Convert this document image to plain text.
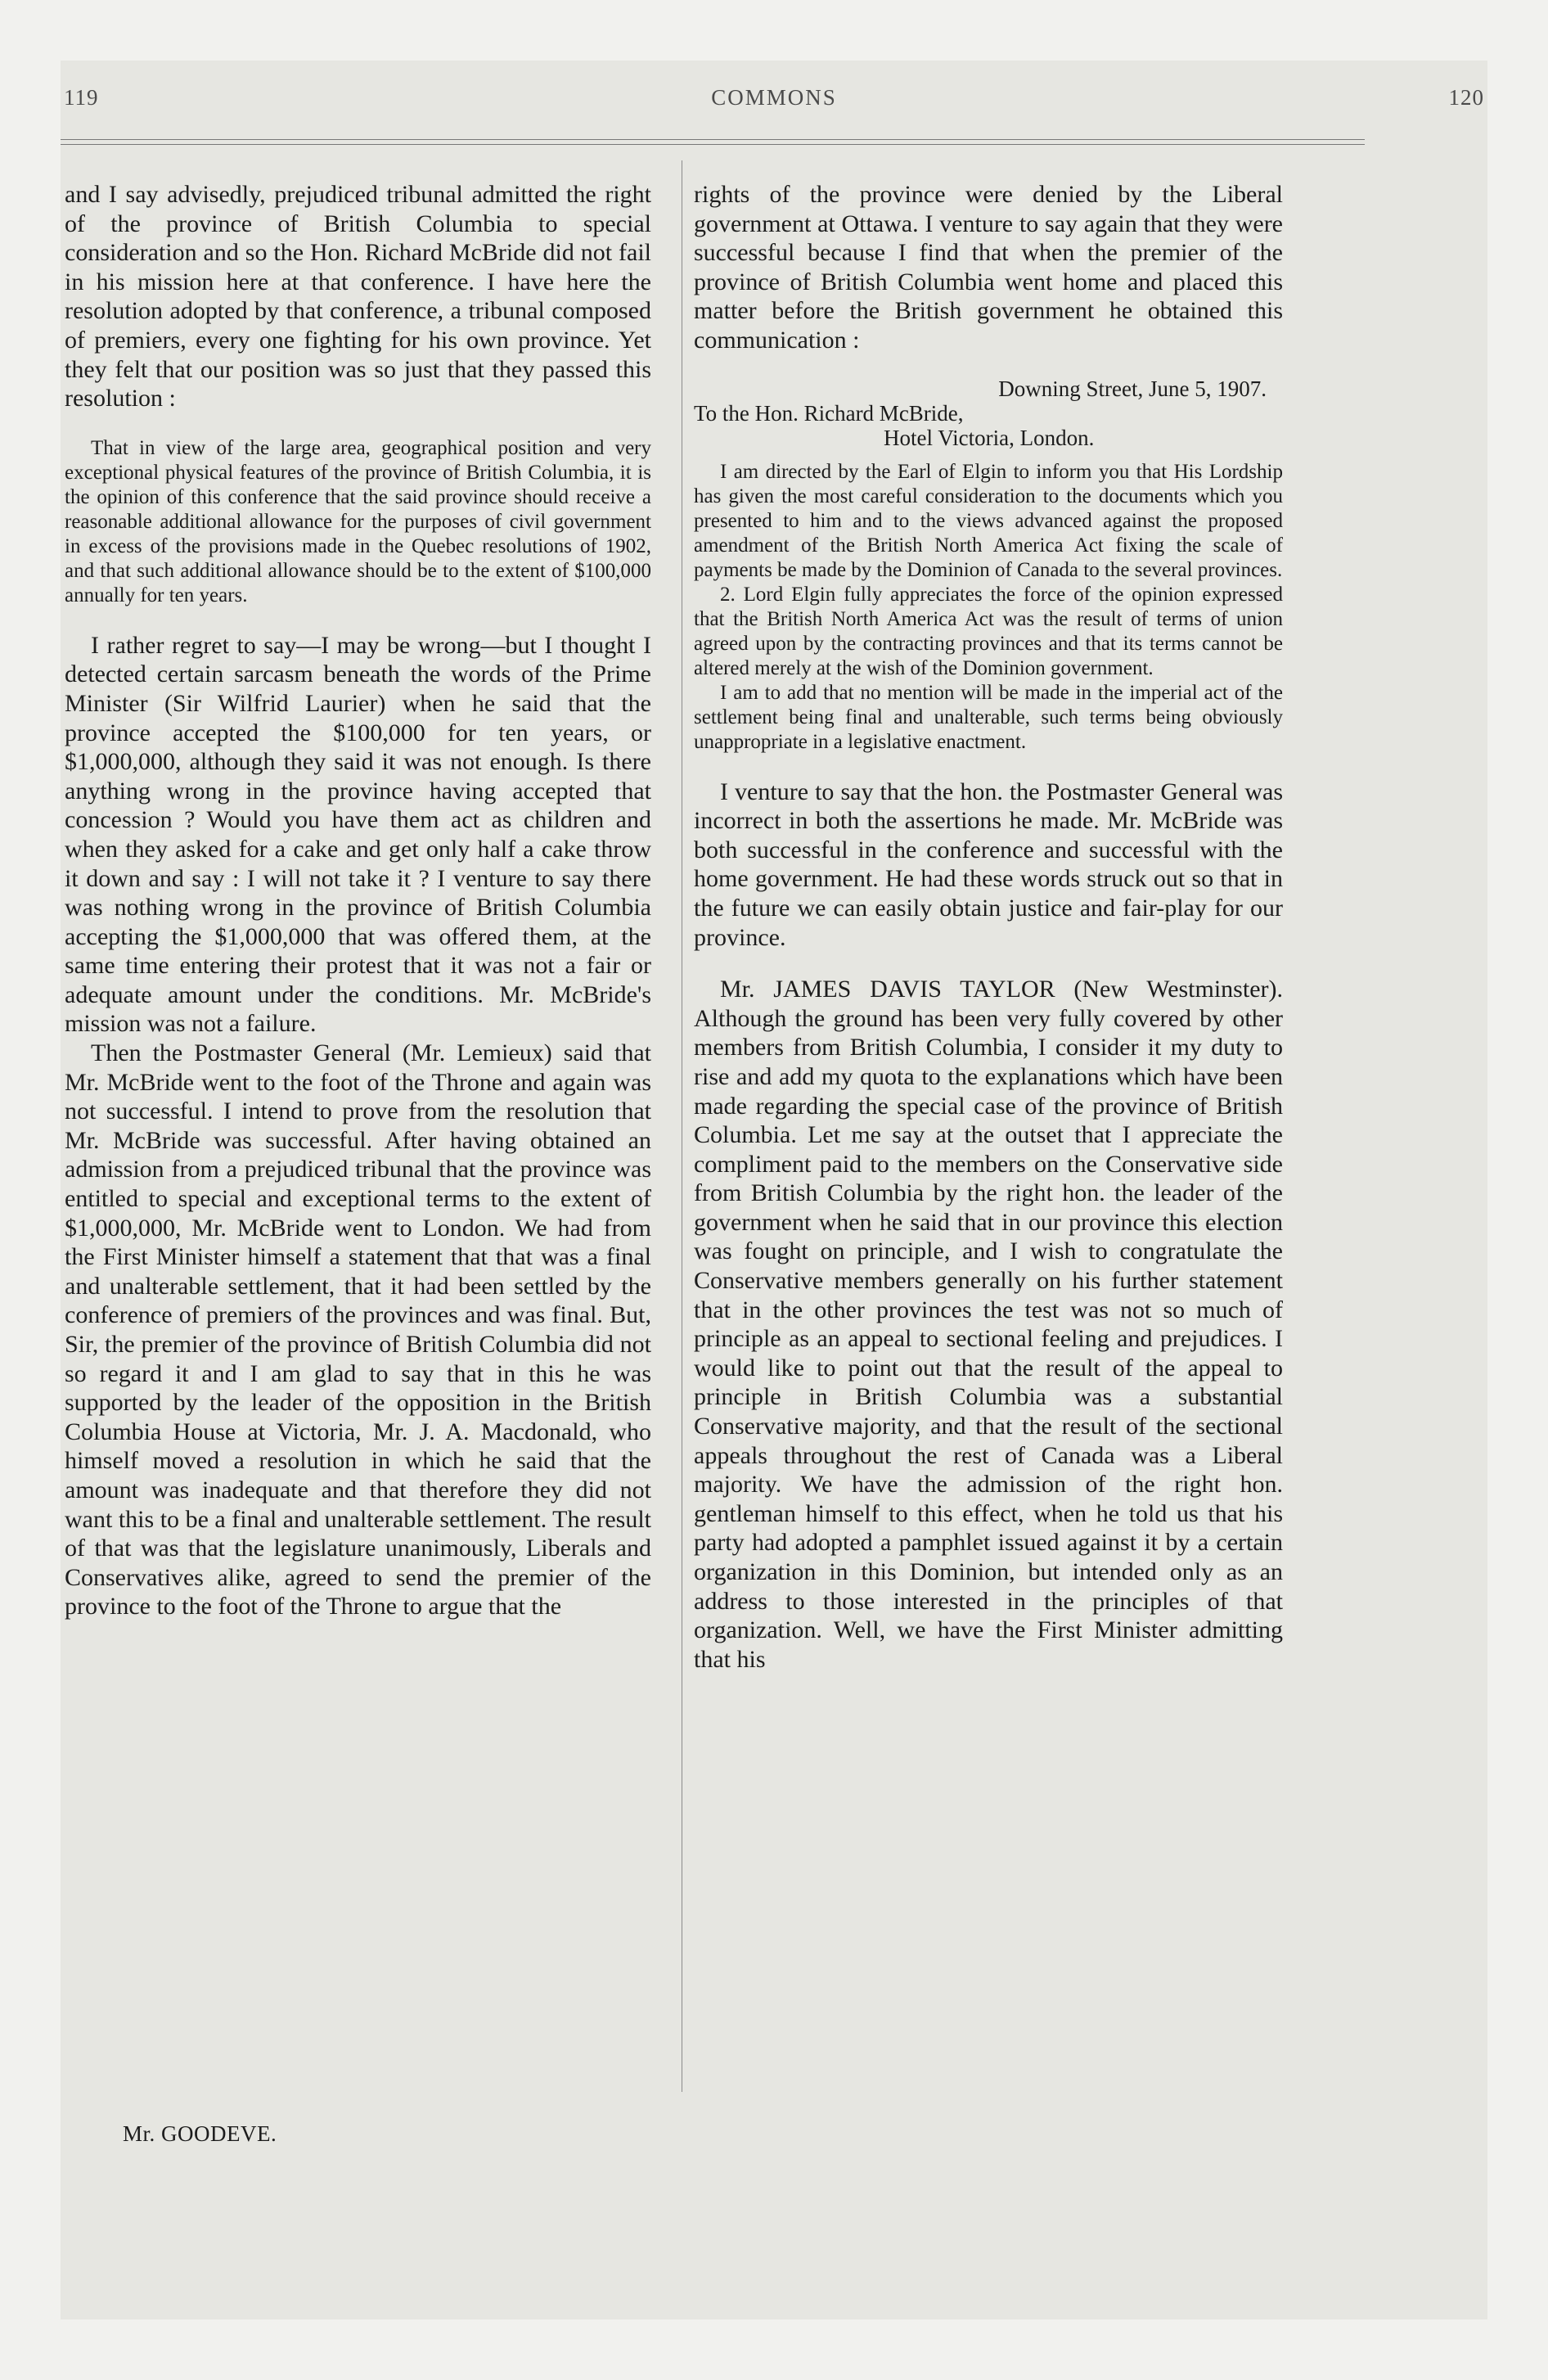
119	COMMONS	120

and I say advisedly, prejudiced tribunal admitted the right of the province of British Columbia to special consideration and so the Hon. Richard McBride did not fail in his mission here at that conference. I have here the resolution adopted by that conference, a tribunal composed of premiers, every one fighting for his own province. Yet they felt that our position was so just that they passed this resolution :

That in view of the large area, geographical position and very exceptional physical features of the province of British Columbia, it is the opinion of this conference that the said province should receive a reasonable additional allowance for the purposes of civil government in excess of the provisions made in the Quebec resolutions of 1902, and that such additional allowance should be to the extent of $100,000 annually for ten years.

I rather regret to say—I may be wrong—but I thought I detected certain sarcasm beneath the words of the Prime Minister (Sir Wilfrid Laurier) when he said that the province accepted the $100,000 for ten years, or $1,000,000, although they said it was not enough. Is there anything wrong in the province having accepted that concession ? Would you have them act as children and when they asked for a cake and get only half a cake throw it down and say : I will not take it ? I venture to say there was nothing wrong in the province of British Columbia accepting the $1,000,000 that was offered them, at the same time entering their protest that it was not a fair or adequate amount under the conditions. Mr. McBride's mission was not a failure.

Then the Postmaster General (Mr. Lemieux) said that Mr. McBride went to the foot of the Throne and again was not successful. I intend to prove from the resolution that Mr. McBride was successful. After having obtained an admission from a prejudiced tribunal that the province was entitled to special and exceptional terms to the extent of $1,000,000, Mr. McBride went to London. We had from the First Minister himself a statement that that was a final and unalterable settlement, that it had been settled by the conference of premiers of the provinces and was final. But, Sir, the premier of the province of British Columbia did not so regard it and I am glad to say that in this he was supported by the leader of the opposition in the British Columbia House at Victoria, Mr. J. A. Macdonald, who himself moved a resolution in which he said that the amount was inadequate and that therefore they did not want this to be a final and unalterable settlement. The result of that was that the legislature unanimously, Liberals and Conservatives alike, agreed to send the premier of the province to the foot of the Throne to argue that the

rights of the province were denied by the Liberal government at Ottawa. I venture to say again that they were successful because I find that when the premier of the province of British Columbia went home and placed this matter before the British government he obtained this communication :

Downing Street, June 5, 1907.

To the Hon. Richard McBride,

Hotel Victoria, London.

I am directed by the Earl of Elgin to inform you that His Lordship has given the most careful consideration to the documents which you presented to him and to the views advanced against the proposed amendment of the British North America Act fixing the scale of payments be made by the Dominion of Canada to the several provinces.

2. Lord Elgin fully appreciates the force of the opinion expressed that the British North America Act was the result of terms of union agreed upon by the contracting provinces and that its terms cannot be altered merely at the wish of the Dominion government.

I am to add that no mention will be made in the imperial act of the settlement being final and unalterable, such terms being obviously unappropriate in a legislative enactment.

I venture to say that the hon. the Postmaster General was incorrect in both the assertions he made. Mr. McBride was both successful in the conference and successful with the home government. He had these words struck out so that in the future we can easily obtain justice and fair-play for our province.

Mr. JAMES DAVIS TAYLOR (New Westminster). Although the ground has been very fully covered by other members from British Columbia, I consider it my duty to rise and add my quota to the explanations which have been made regarding the special case of the province of British Columbia. Let me say at the outset that I appreciate the compliment paid to the members on the Conservative side from British Columbia by the right hon. the leader of the government when he said that in our province this election was fought on principle, and I wish to congratulate the Conservative members generally on his further statement that in the other provinces the test was not so much of principle as an appeal to sectional feeling and prejudices. I would like to point out that the result of the appeal to principle in British Columbia was a substantial Conservative majority, and that the result of the sectional appeals throughout the rest of Canada was a Liberal majority. We have the admission of the right hon. gentleman himself to this effect, when he told us that his party had adopted a pamphlet issued against it by a certain organization in this Dominion, but intended only as an address to those interested in the principles of that organization. Well, we have the First Minister admitting that his

Mr. GOODEVE.
